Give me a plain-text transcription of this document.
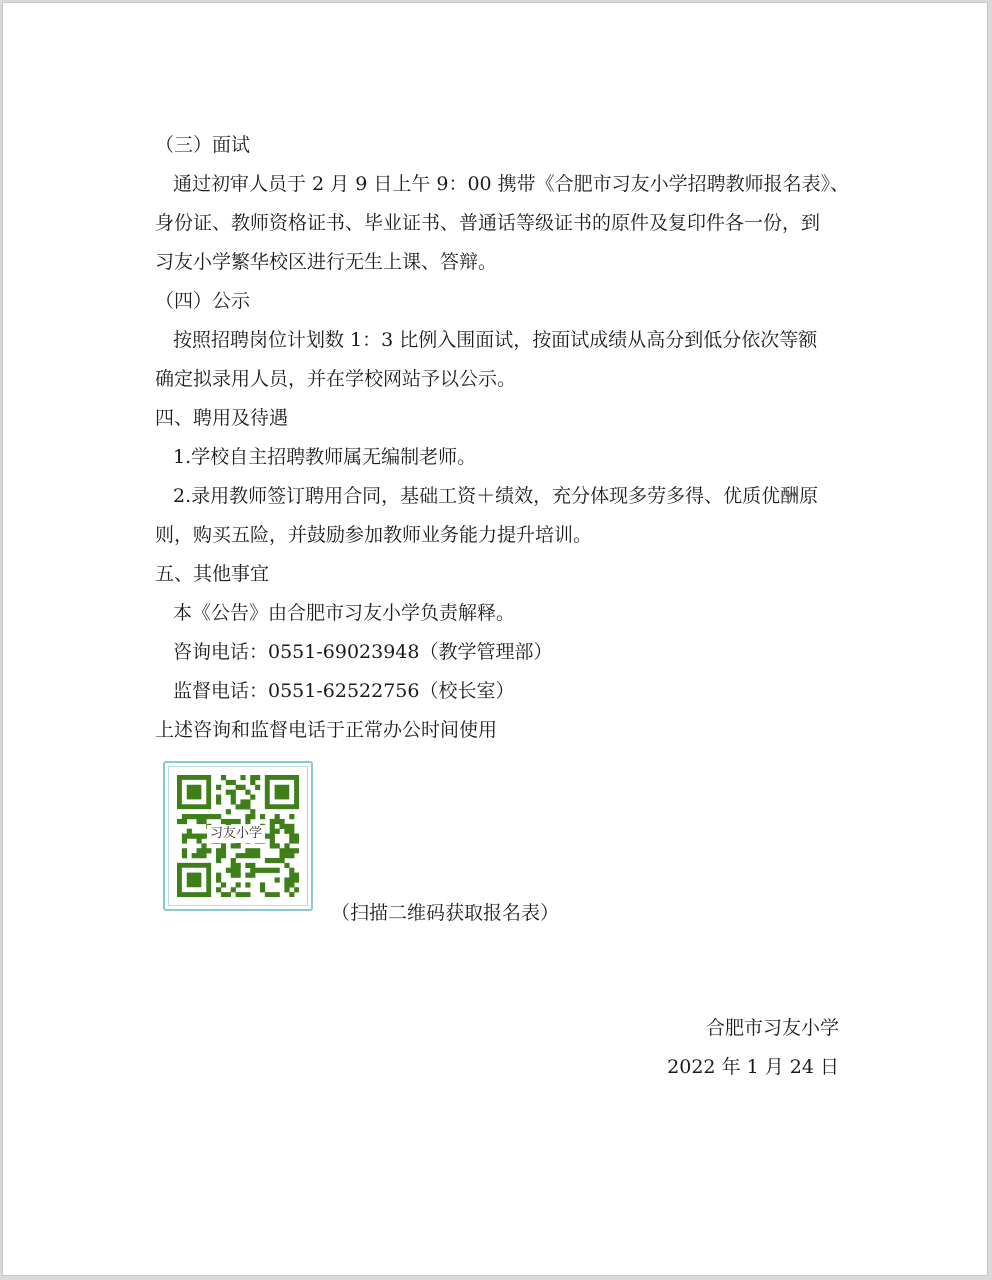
（三）面试
通过初审人员于 2 月 9 日上午 9：00 携带《合肥市习友小学招聘教师报名表》、
身份证、教师资格证书、毕业证书、普通话等级证书的原件及复印件各一份，到
习友小学繁华校区进行无生上课、答辩。
（四）公示
按照招聘岗位计划数 1：3 比例入围面试，按面试成绩从高分到低分依次等额
确定拟录用人员，并在学校网站予以公示。
四、聘用及待遇
1.学校自主招聘教师属无编制老师。
2.录用教师签订聘用合同，基础工资＋绩效，充分体现多劳多得、优质优酬原
则，购买五险，并鼓励参加教师业务能力提升培训。
五、其他事宜
本《公告》由合肥市习友小学负责解释。
咨询电话：0551-69023948（教学管理部）
监督电话：0551-62522756（校长室）
上述咨询和监督电话于正常办公时间使用
习友小学
（扫描二维码获取报名表）
合肥市习友小学
2022 年 1 月 24 日
